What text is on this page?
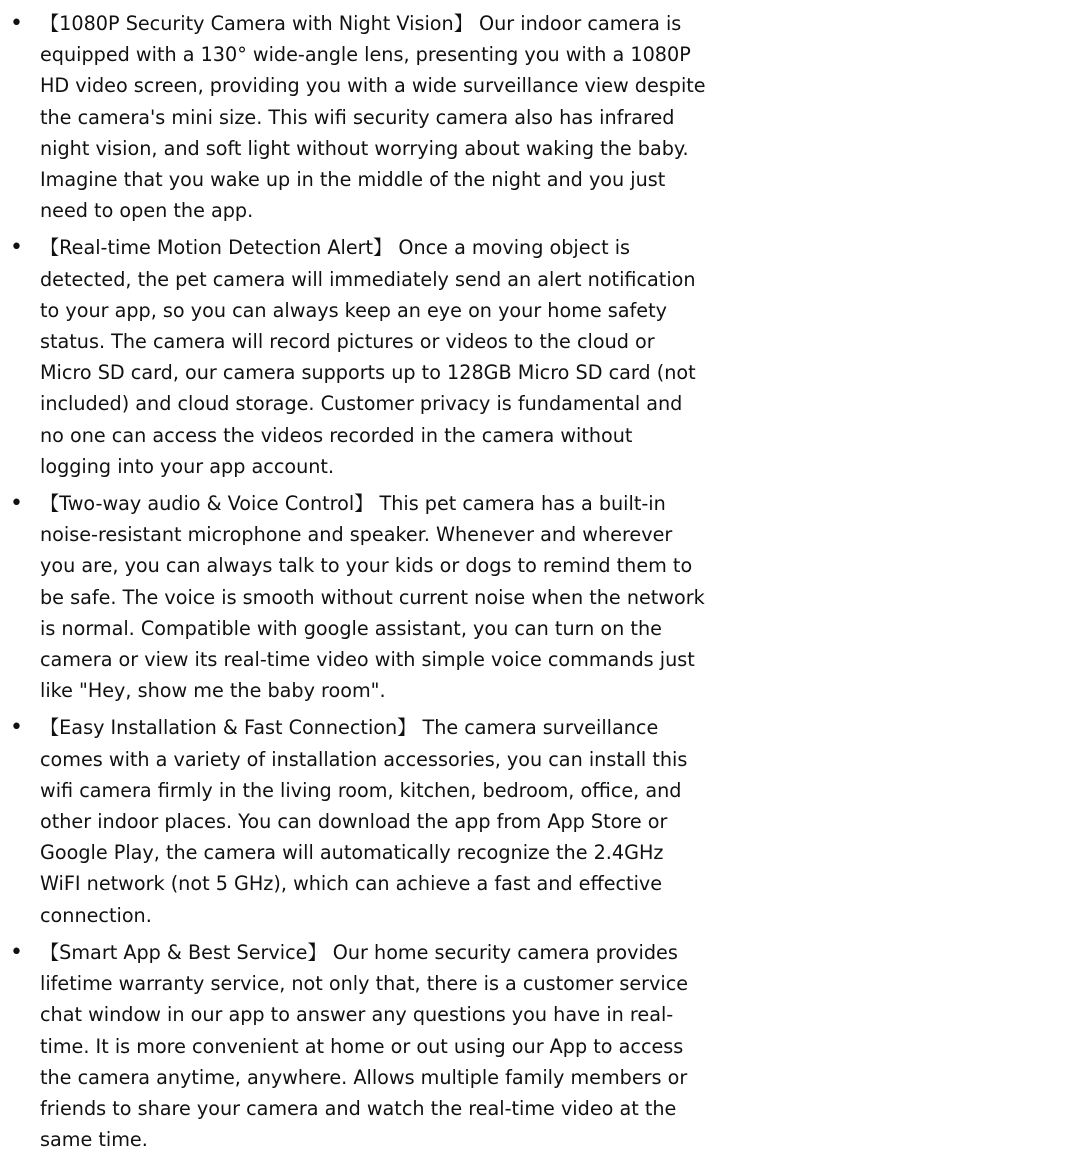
• 【1080P Security Camera with Night Vision】 Our indoor camera is equipped with a 130° wide-angle lens, presenting you with a 1080P HD video screen, providing you with a wide surveillance view despite the camera's mini size. This wifi security camera also has infrared night vision, and soft light without worrying about waking the baby. Imagine that you wake up in the middle of the night and you just need to open the app.
• 【Real-time Motion Detection Alert】 Once a moving object is detected, the pet camera will immediately send an alert notification to your app, so you can always keep an eye on your home safety status. The camera will record pictures or videos to the cloud or Micro SD card, our camera supports up to 128GB Micro SD card (not included) and cloud storage. Customer privacy is fundamental and no one can access the videos recorded in the camera without logging into your app account.
• 【Two-way audio & Voice Control】 This pet camera has a built-in noise-resistant microphone and speaker. Whenever and wherever you are, you can always talk to your kids or dogs to remind them to be safe. The voice is smooth without current noise when the network is normal. Compatible with google assistant, you can turn on the camera or view its real-time video with simple voice commands just like "Hey, show me the baby room".
• 【Easy Installation & Fast Connection】 The camera surveillance comes with a variety of installation accessories, you can install this wifi camera firmly in the living room, kitchen, bedroom, office, and other indoor places. You can download the app from App Store or Google Play, the camera will automatically recognize the 2.4GHz WiFI network (not 5 GHz), which can achieve a fast and effective connection.
• 【Smart App & Best Service】 Our home security camera provides lifetime warranty service, not only that, there is a customer service chat window in our app to answer any questions you have in real-time. It is more convenient at home or out using our App to access the camera anytime, anywhere. Allows multiple family members or friends to share your camera and watch the real-time video at the same time.
